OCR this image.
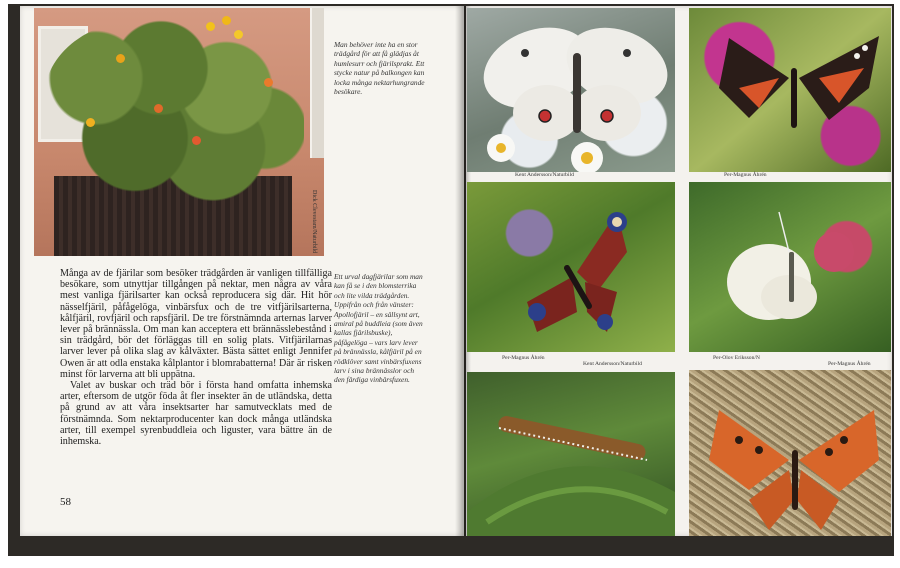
Dick Clevestam/Naturbild
Man behöver inte ha en stor trädgård för att få glädjas åt humlesurr och fjärilsprakt. Ett stycke natur på balkongen kan locka många nektarhungrande besökare.
Ett urval dagfjärilar som man kan få se i den blomsterrika och lite vilda trädgården. Uppifrån och från vänster: Apollofjäril – en sällsynt art, amiral på buddleia (som även kallas fjärilsbuske), påfågelöga – vars larv lever på brännässla, kålfjäril på en rödklöver samt vinbärsfuxens larv i sina brännässlor och den färdiga vinbärsfuxen.

Många av de fjärilar som besöker trädgården är vanligen tillfälliga besökare, som utnyttjar tillgången på nektar, men några av våra mest vanliga fjärilsarter kan också reproducera sig där. Hit hör nässelfjäril, påfågelöga, vinbärsfux och de tre vitfjärilsarterna, kålfjäril, rovfjäril och rapsfjäril. De tre förstnämnda arternas larver lever på brännässla. Om man kan acceptera ett brännässlebestånd i sin trädgård, bör det förläggas till en solig plats. Vitfjärilarnas larver lever på olika slag av kålväxter. Bästa sättet enligt Jennifer Owen är att odla enstaka kålplantor i blomrabatterna! Där är risken minst för larverna att bli uppätna.

Valet av buskar och träd bör i första hand omfatta inhemska arter, eftersom de utgör föda åt fler insekter än de utländska, detta på grund av att våra insektsarter har samutvecklats med de förstnämnda. Som nektarproducenter kan dock många utländska arter, till exempel syrenbuddleia och liguster, vara bättre än de inhemska.

58
Kent Andersson/Naturbild	Per-Magnus Åhrén
Per-Magnus Åhrén
Kent Andersson/Naturbild
Per-Olov Eriksson/N
Per-Magnus Åhrén
